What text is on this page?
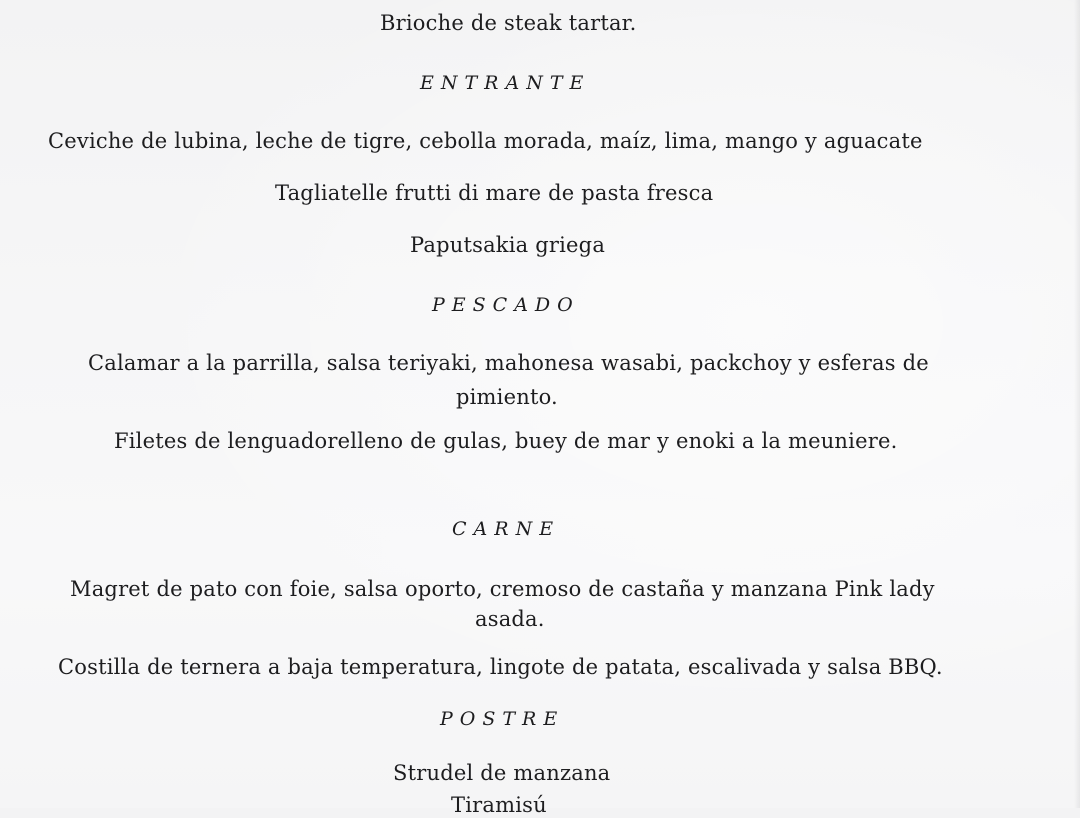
Brioche de steak tartar.
ENTRANTE
Ceviche de lubina, leche de tigre, cebolla morada, maíz, lima, mango y aguacate
Tagliatelle frutti di mare de pasta fresca
Paputsakia griega
PESCADO
Calamar a la parrilla, salsa teriyaki, mahonesa wasabi, packchoy y esferas de
pimiento.
Filetes de lenguadorelleno de gulas, buey de mar y enoki a la meuniere.
CARNE
Magret de pato con foie, salsa oporto, cremoso de castaña y manzana Pink lady
asada.
Costilla de ternera a baja temperatura, lingote de patata, escalivada y salsa BBQ.
POSTRE
Strudel de manzana
Tiramisú
